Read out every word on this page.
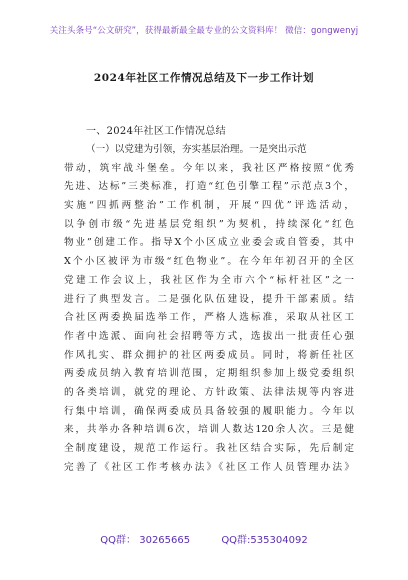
关注头条号“公文研究”，获得最新最全最专业的公文资料库！ 微信：gongwenyj
2024年社区工作情况总结及下一步工作计划
一、2024年社区工作情况总结
（一）以党建为引领，夯实基层治理。一是突出示范
带动，筑牢战斗堡垒。今年以来，我社区严格按照“优秀
先进、达标”三类标准，打造“红色引擎工程”示范点3个，
实施“四抓两整治”工作机制，开展“四优”评选活动，
以争创市级“先进基层党组织”为契机，持续深化“红色
物业”创建工作。指导X个小区成立业委会或自管委，其中
X个小区被评为市级“红色物业”。在今年年初召开的全区
党建工作会议上，我社区作为全市六个“标杆社区”之一
进行了典型发言。二是强化队伍建设，提升干部素质。结
合社区两委换届选举工作，严格人选标准，采取从社区工
作者中选派、面向社会招聘等方式，选拔出一批责任心强
作风扎实、群众拥护的社区两委成员。同时，将新任社区
两委成员纳入教育培训范围，定期组织参加上级党委组织
的各类培训，就党的理论、方针政策、法律法规等内容进
行集中培训，确保两委成员具备较强的履职能力。今年以
来，共举办各种培训6次，培训人数达120余人次。三是健
全制度建设，规范工作运行。我社区结合实际，先后制定
完善了《社区工作考核办法》《社区工作人员管理办法》
QQ群： 30265665	QQ群:535304092
